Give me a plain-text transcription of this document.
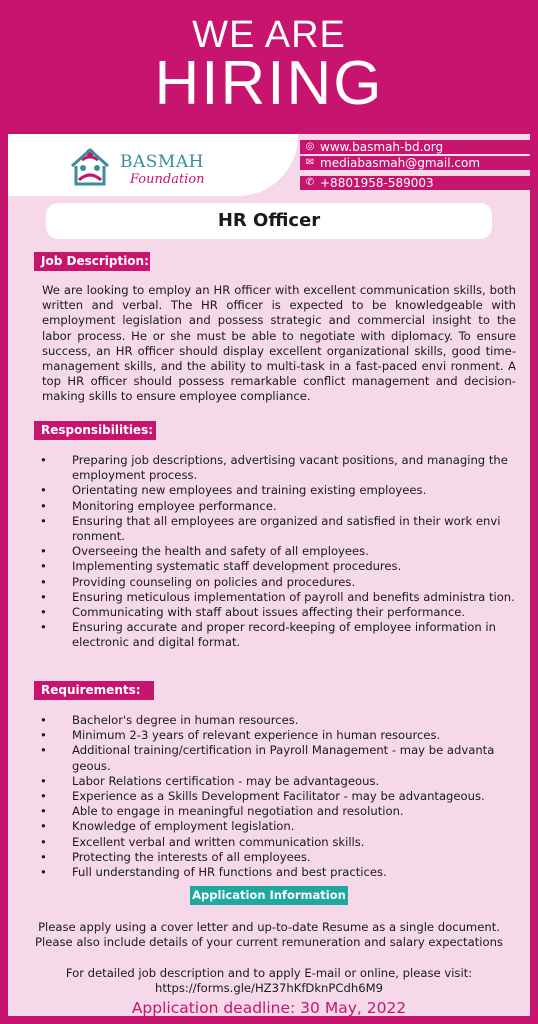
WE ARE
HIRING
BASMAH
Foundation
◎ www.basmah-bd.org
✉ mediabasmah@gmail.com
✆ +8801958-589003
HR Officer
Job Description:
We are looking to employ an HR officer with excellent communication skills, both written and verbal. The HR officer is expected to be knowledgeable with employment legislation and possess strategic and commercial insight to the labor process. He or she must be able to negotiate with diplomacy. To ensure success, an HR officer should display excellent organizational skills, good time-management skills, and the ability to multi-task in a fast-paced envi ronment. A top HR officer should possess remarkable conflict management and decision-making skills to ensure employee compliance.
Responsibilities:
• Preparing job descriptions, advertising vacant positions, and managing the employment process.
• Orientating new employees and training existing employees.
• Monitoring employee performance.
• Ensuring that all employees are organized and satisfied in their work envi ronment.
• Overseeing the health and safety of all employees.
• Implementing systematic staff development procedures.
• Providing counseling on policies and procedures.
• Ensuring meticulous implementation of payroll and benefits administra tion.
• Communicating with staff about issues affecting their performance.
• Ensuring accurate and proper record-keeping of employee information in electronic and digital format.
Requirements:
• Bachelor's degree in human resources.
• Minimum 2-3 years of relevant experience in human resources.
• Additional training/certification in Payroll Management - may be advanta geous.
• Labor Relations certification - may be advantageous.
• Experience as a Skills Development Facilitator - may be advantageous.
• Able to engage in meaningful negotiation and resolution.
• Knowledge of employment legislation.
• Excellent verbal and written communication skills.
• Protecting the interests of all employees.
• Full understanding of HR functions and best practices.
Application Information
Please apply using a cover letter and up-to-date Resume as a single document.
Please also include details of your current remuneration and salary expectations
For detailed job description and to apply E-mail or online, please visit:
https://forms.gle/HZ37hKfDknPCdh6M9
Application deadline: 30 May, 2022
